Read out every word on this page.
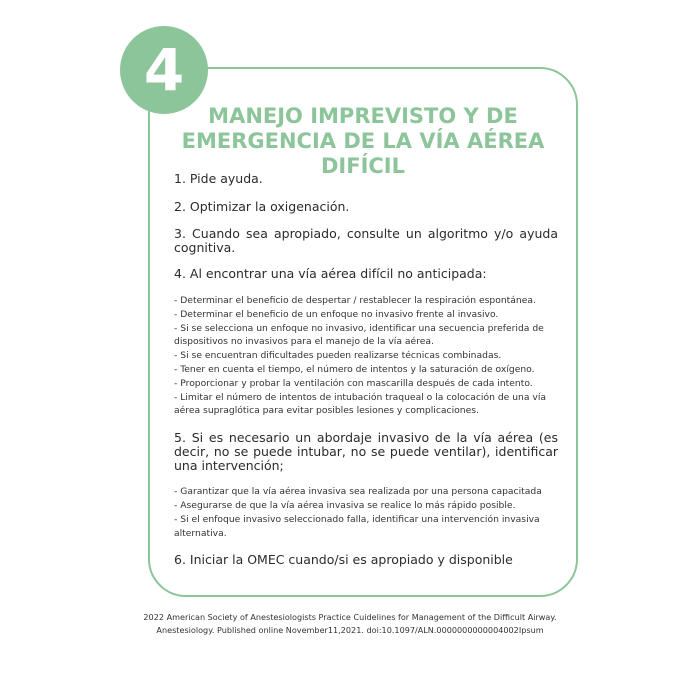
4
MANEJO IMPREVISTO Y DE
EMERGENCIA DE LA VÍA AÉREA DIFÍCIL

1. Pide ayuda.

2. Optimizar la oxigenación.

3. Cuando sea apropiado, consulte un algoritmo y/o ayuda cognitiva.

4. Al encontrar una vía aérea difícil no anticipada:

- Determinar el beneficio de despertar / restablecer la respiración espontánea.

- Determinar el beneficio de un enfoque no invasivo frente al invasivo.

- Si se selecciona un enfoque no invasivo, identificar una secuencia preferida de dispositivos no invasivos para el manejo de la vía aérea.

- Si se encuentran dificultades pueden realizarse técnicas combinadas.

- Tener en cuenta el tiempo, el número de intentos y la saturación de oxígeno.

- Proporcionar y probar la ventilación con mascarilla después de cada intento.

- Limitar el número de intentos de intubación traqueal o la colocación de una vía aérea supraglótica para evitar posibles lesiones y complicaciones.

5. Si es necesario un abordaje invasivo de la vía aérea (es decir, no se puede intubar, no se puede ventilar), identificar una intervención;

- Garantizar que la vía aérea invasiva sea realizada por una persona capacitada

- Asegurarse de que la vía aérea invasiva se realice lo más rápido posible.

- Si el enfoque invasivo seleccionado falla, identificar una intervención invasiva alternativa.

6. Iniciar la OMEC cuando/si es apropiado y disponible

2022 American Society of Anestesiologists Practice Cuidelines for Management of the Difficult Airway.
Anestesiology. Published online November11,2021. doi:10.1097/ALN.0000000000004002Ipsum
